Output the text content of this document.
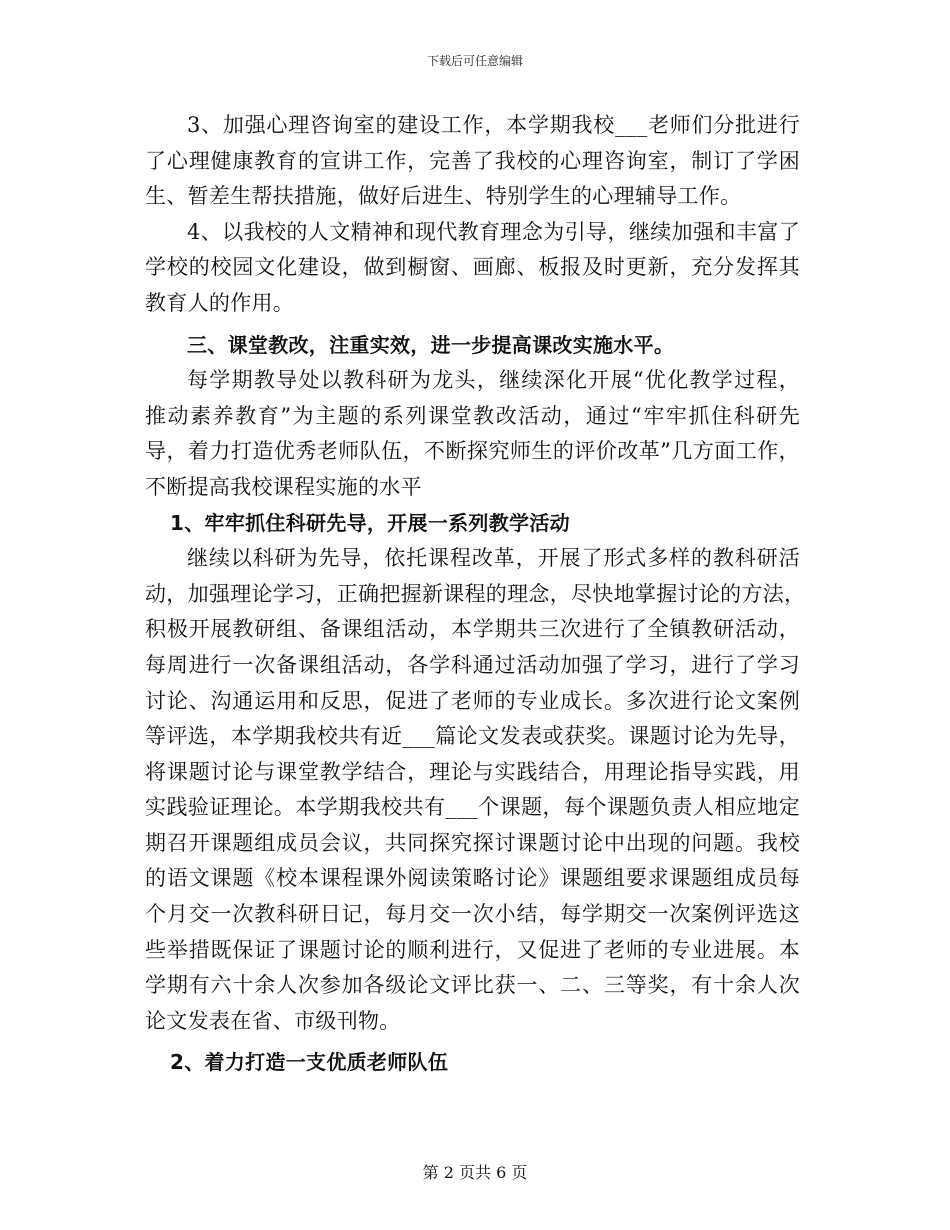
下载后可任意编辑
3、加强心理咨询室的建设工作，本学期我校___老师们分批进行
了心理健康教育的宣讲工作，完善了我校的心理咨询室，制订了学困
生、暂差生帮扶措施，做好后进生、特别学生的心理辅导工作。
4、以我校的人文精神和现代教育理念为引导，继续加强和丰富了
学校的校园文化建设，做到橱窗、画廊、板报及时更新，充分发挥其
教育人的作用。
三、课堂教改，注重实效，进一步提高课改实施水平。
每学期教导处以教科研为龙头，继续深化开展“优化教学过程，
推动素养教育”为主题的系列课堂教改活动，通过“牢牢抓住科研先
导，着力打造优秀老师队伍，不断探究师生的评价改革”几方面工作，
不断提高我校课程实施的水平
1、牢牢抓住科研先导，开展一系列教学活动
继续以科研为先导，依托课程改革，开展了形式多样的教科研活
动，加强理论学习，正确把握新课程的理念，尽快地掌握讨论的方法，
积极开展教研组、备课组活动，本学期共三次进行了全镇教研活动，
每周进行一次备课组活动，各学科通过活动加强了学习，进行了学习
讨论、沟通运用和反思，促进了老师的专业成长。多次进行论文案例
等评选，本学期我校共有近___篇论文发表或获奖。课题讨论为先导，
将课题讨论与课堂教学结合，理论与实践结合，用理论指导实践，用
实践验证理论。本学期我校共有___个课题，每个课题负责人相应地定
期召开课题组成员会议，共同探究探讨课题讨论中出现的问题。我校
的语文课题《校本课程课外阅读策略讨论》课题组要求课题组成员每
个月交一次教科研日记，每月交一次小结，每学期交一次案例评选这
些举措既保证了课题讨论的顺利进行，又促进了老师的专业进展。本
学期有六十余人次参加各级论文评比获一、二、三等奖，有十余人次
论文发表在省、市级刊物。
2、着力打造一支优质老师队伍
第 2 页共 6 页
